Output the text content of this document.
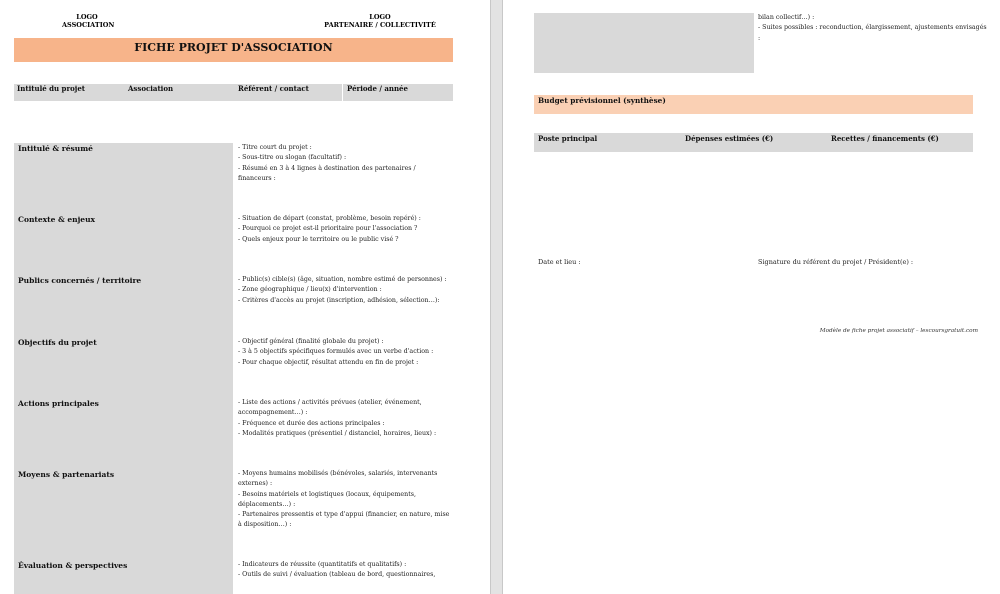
LOGO
ASSOCIATION
LOGO
PARTENAIRE / COLLECTIVITÉ
FICHE PROJET D'ASSOCIATION
Intitulé du projet	Association	Référent / contact	Période / année
Intitulé & résumé	- Titre court du projet :
- Sous-titre ou slogan (facultatif) :
- Résumé en 3 à 4 lignes à destination des partenaires / financeurs :
Contexte & enjeux	- Situation de départ (constat, problème, besoin repéré) :
- Pourquoi ce projet est-il prioritaire pour l'association ?
- Quels enjeux pour le territoire ou le public visé ?
Publics concernés / territoire	- Public(s) cible(s) (âge, situation, nombre estimé de personnes) :
- Zone géographique / lieu(x) d'intervention :
- Critères d'accès au projet (inscription, adhésion, sélection…):
Objectifs du projet	- Objectif général (finalité globale du projet) :
- 3 à 5 objectifs spécifiques formulés avec un verbe d'action :
- Pour chaque objectif, résultat attendu en fin de projet :
Actions principales	- Liste des actions / activités prévues (atelier, événement, accompagnement…) :
- Fréquence et durée des actions principales :
- Modalités pratiques (présentiel / distanciel, horaires, lieux) :
Moyens & partenariats	- Moyens humains mobilisés (bénévoles, salariés, intervenants externes) :
- Besoins matériels et logistiques (locaux, équipements, déplacements…) :
- Partenaires pressentis et type d'appui (financier, en nature, mise à disposition…) :
Évaluation & perspectives	- Indicateurs de réussite (quantitatifs et qualitatifs) :
- Outils de suivi / évaluation (tableau de bord, questionnaires,
bilan collectif…) :
- Suites possibles : reconduction, élargissement, ajustements envisagés :
Budget prévisionnel (synthèse)
Poste principal	Dépenses estimées (€)	Recettes / financements (€)
Date et lieu :	Signature du référent du projet / Président(e) :
Modèle de fiche projet associatif – lescoursgratuit.com
